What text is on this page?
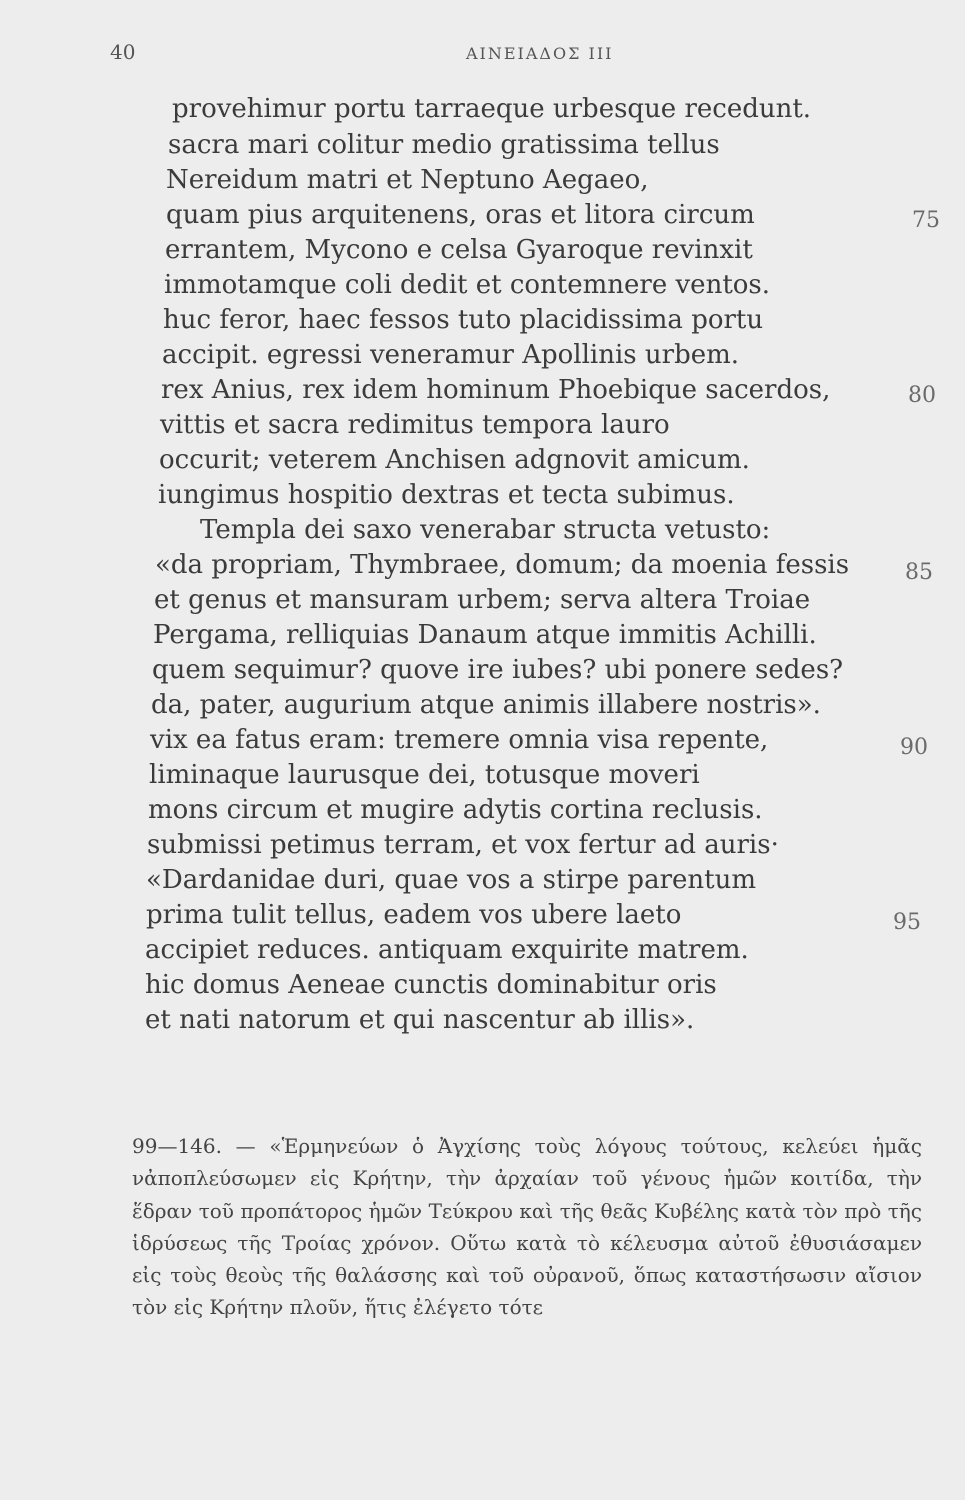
40	ΑΙΝΕΙΑΔΟΣ III
provehimur portu tarraeque urbesque recedunt.
sacra mari colitur medio gratissima tellus
Nereidum matri et Neptuno Aegaeo,
quam pius arquitenens, oras et litora circum
errantem, Mycono e celsa Gyaroque revinxit
immotamque coli dedit et contemnere ventos.
huc feror, haec fessos tuto placidissima portu
accipit. egressi veneramur Apollinis urbem.
rex Anius, rex idem hominum Phoebique sacerdos,
vittis et sacra redimitus tempora lauro
occurit; veterem Anchisen adgnovit amicum.
iungimus hospitio dextras et tecta subimus.
Templa dei saxo venerabar structa vetusto:
«da propriam, Thymbraee, domum; da moenia fessis
et genus et mansuram urbem; serva altera Troiae
Pergama, relliquias Danaum atque immitis Achilli.
quem sequimur? quove ire iubes? ubi ponere sedes?
da, pater, augurium atque animis illabere nostris».
vix ea fatus eram: tremere omnia visa repente,
liminaque laurusque dei, totusque moveri
mons circum et mugire adytis cortina reclusis.
submissi petimus terram, et vox fertur ad auris·
«Dardanidae duri, quae vos a stirpe parentum
prima tulit tellus, eadem vos ubere laeto
accipiet reduces. antiquam exquirite matrem.
hic domus Aeneae cunctis dominabitur oris
et nati natorum et qui nascentur ab illis».
75
80
85
90
95
99—146. — «Ἑρμηνεύων ὁ Ἀγχίσης τοὺς λόγους τούτους, κελεύει ἡμᾶς νἀποπλεύσωμεν εἰς Κρήτην, τὴν ἀρχαίαν τοῦ γένους ἡμῶν κοιτίδα, τὴν ἕδραν τοῦ προπάτορος ἡμῶν Τεύκρου καὶ τῆς θεᾶς Κυβέλης κατὰ τὸν πρὸ τῆς ἱδρύσεως τῆς Τροίας χρόνον. Οὕτω κατὰ τὸ κέλευσμα αὐτοῦ ἐθυσιάσαμεν εἰς τοὺς θεοὺς τῆς θαλάσσης καὶ τοῦ οὐρανοῦ, ὅπως καταστήσωσιν αἴσιον τὸν εἰς Κρήτην πλοῦν, ἥτις ἐλέγετο τότε
